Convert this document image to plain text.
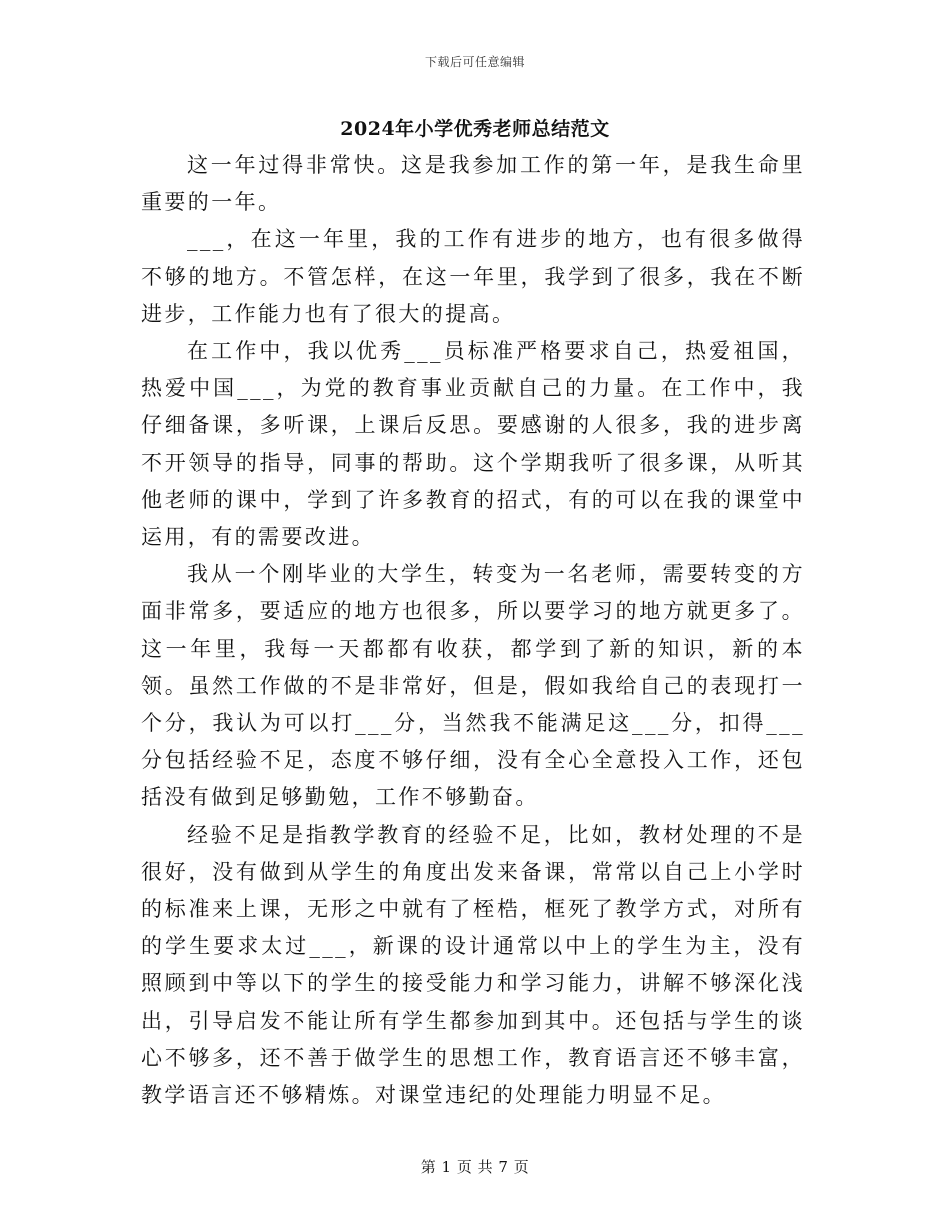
下载后可任意编辑
2024年小学优秀老师总结范文

这一年过得非常快。这是我参加工作的第一年，是我生命里重要的一年。

___，在这一年里，我的工作有进步的地方，也有很多做得不够的地方。不管怎样，在这一年里，我学到了很多，我在不断进步，工作能力也有了很大的提高。

在工作中，我以优秀___员标准严格要求自己，热爱祖国，热爱中国___，为党的教育事业贡献自己的力量。在工作中，我仔细备课，多听课，上课后反思。要感谢的人很多，我的进步离不开领导的指导，同事的帮助。这个学期我听了很多课，从听其他老师的课中，学到了许多教育的招式，有的可以在我的课堂中运用，有的需要改进。

我从一个刚毕业的大学生，转变为一名老师，需要转变的方面非常多，要适应的地方也很多，所以要学习的地方就更多了。这一年里，我每一天都都有收获，都学到了新的知识，新的本领。虽然工作做的不是非常好，但是，假如我给自己的表现打一个分，我认为可以打___分，当然我不能满足这___分，扣得___分包括经验不足，态度不够仔细，没有全心全意投入工作，还包括没有做到足够勤勉，工作不够勤奋。

经验不足是指教学教育的经验不足，比如，教材处理的不是很好，没有做到从学生的角度出发来备课，常常以自己上小学时的标准来上课，无形之中就有了桎梏，框死了教学方式，对所有的学生要求太过___，新课的设计通常以中上的学生为主，没有照顾到中等以下的学生的接受能力和学习能力，讲解不够深化浅出，引导启发不能让所有学生都参加到其中。还包括与学生的谈心不够多，还不善于做学生的思想工作，教育语言还不够丰富，教学语言还不够精炼。对课堂违纪的处理能力明显不足。

第 1 页 共 7 页
